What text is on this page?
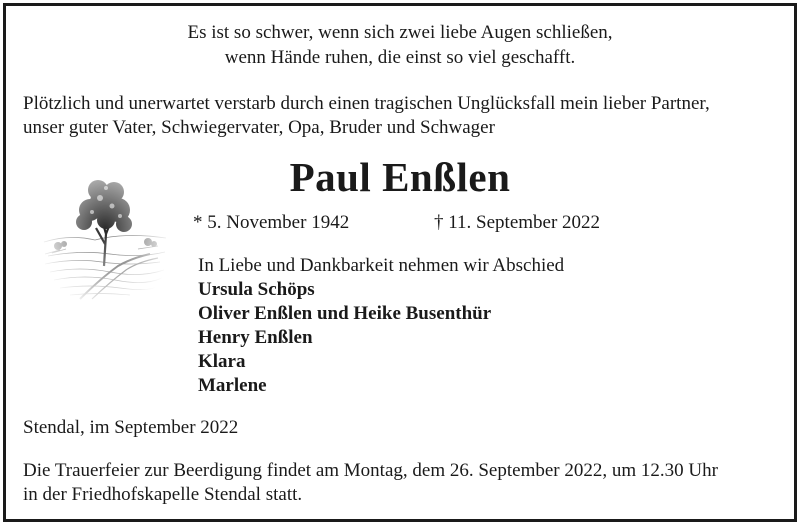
Es ist so schwer, wenn sich zwei liebe Augen schließen,
wenn Hände ruhen, die einst so viel geschafft.
Plötzlich und unerwartet verstarb durch einen tragischen Unglücksfall mein lieber Partner,
unser guter Vater, Schwiegervater, Opa, Bruder und Schwager
Paul Enßlen
* 5. November 1942	† 11. September 2022
In Liebe und Dankbarkeit nehmen wir Abschied
Ursula Schöps
Oliver Enßlen und Heike Busenthür
Henry Enßlen
Klara
Marlene
Stendal, im September 2022
Die Trauerfeier zur Beerdigung findet am Montag, dem 26. September 2022, um 12.30 Uhr
in der Friedhofskapelle Stendal statt.
